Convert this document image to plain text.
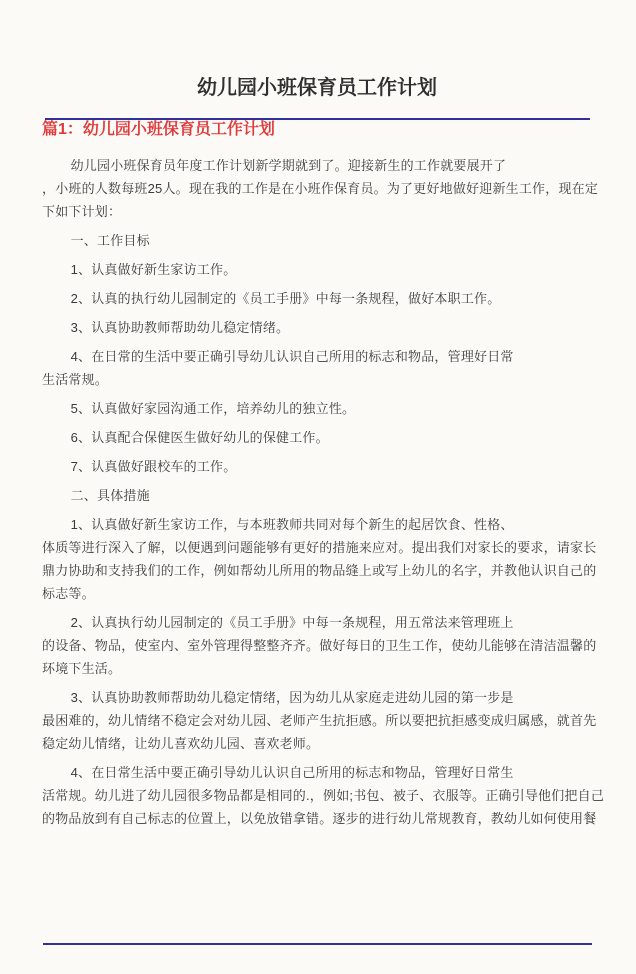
幼儿园小班保育员工作计划
篇1：幼儿园小班保育员工作计划

幼儿园小班保育员年度工作计划新学期就到了。迎接新生的工作就要展开了
，小班的人数每班25人。现在我的工作是在小班作保育员。为了更好地做好迎新生工作，现在定
下如下计划：

一、工作目标

1、认真做好新生家访工作。

2、认真的执行幼儿园制定的《员工手册》中每一条规程，做好本职工作。

3、认真协助教师帮助幼儿稳定情绪。

4、在日常的生活中要正确引导幼儿认识自己所用的标志和物品，管理好日常
生活常规。

5、认真做好家园沟通工作，培养幼儿的独立性。

6、认真配合保健医生做好幼儿的保健工作。

7、认真做好跟校车的工作。

二、具体措施

1、认真做好新生家访工作，与本班教师共同对每个新生的起居饮食、性格、
体质等进行深入了解，以便遇到问题能够有更好的措施来应对。提出我们对家长的要求，请家长
鼎力协助和支持我们的工作，例如帮幼儿所用的物品缝上或写上幼儿的名字，并教他认识自己的
标志等。

2、认真执行幼儿园制定的《员工手册》中每一条规程，用五常法来管理班上
的设备、物品，使室内、室外管理得整整齐齐。做好每日的卫生工作，使幼儿能够在清洁温馨的
环境下生活。

3、认真协助教师帮助幼儿稳定情绪，因为幼儿从家庭走进幼儿园的第一步是
最困难的，幼儿情绪不稳定会对幼儿园、老师产生抗拒感。所以要把抗拒感变成归属感，就首先
稳定幼儿情绪，让幼儿喜欢幼儿园、喜欢老师。

4、在日常生活中要正确引导幼儿认识自己所用的标志和物品，管理好日常生
活常规。幼儿进了幼儿园很多物品都是相同的.，例如;书包、被子、衣服等。正确引导他们把自己
的物品放到有自己标志的位置上，以免放错拿错。逐步的进行幼儿常规教育，教幼儿如何使用餐
